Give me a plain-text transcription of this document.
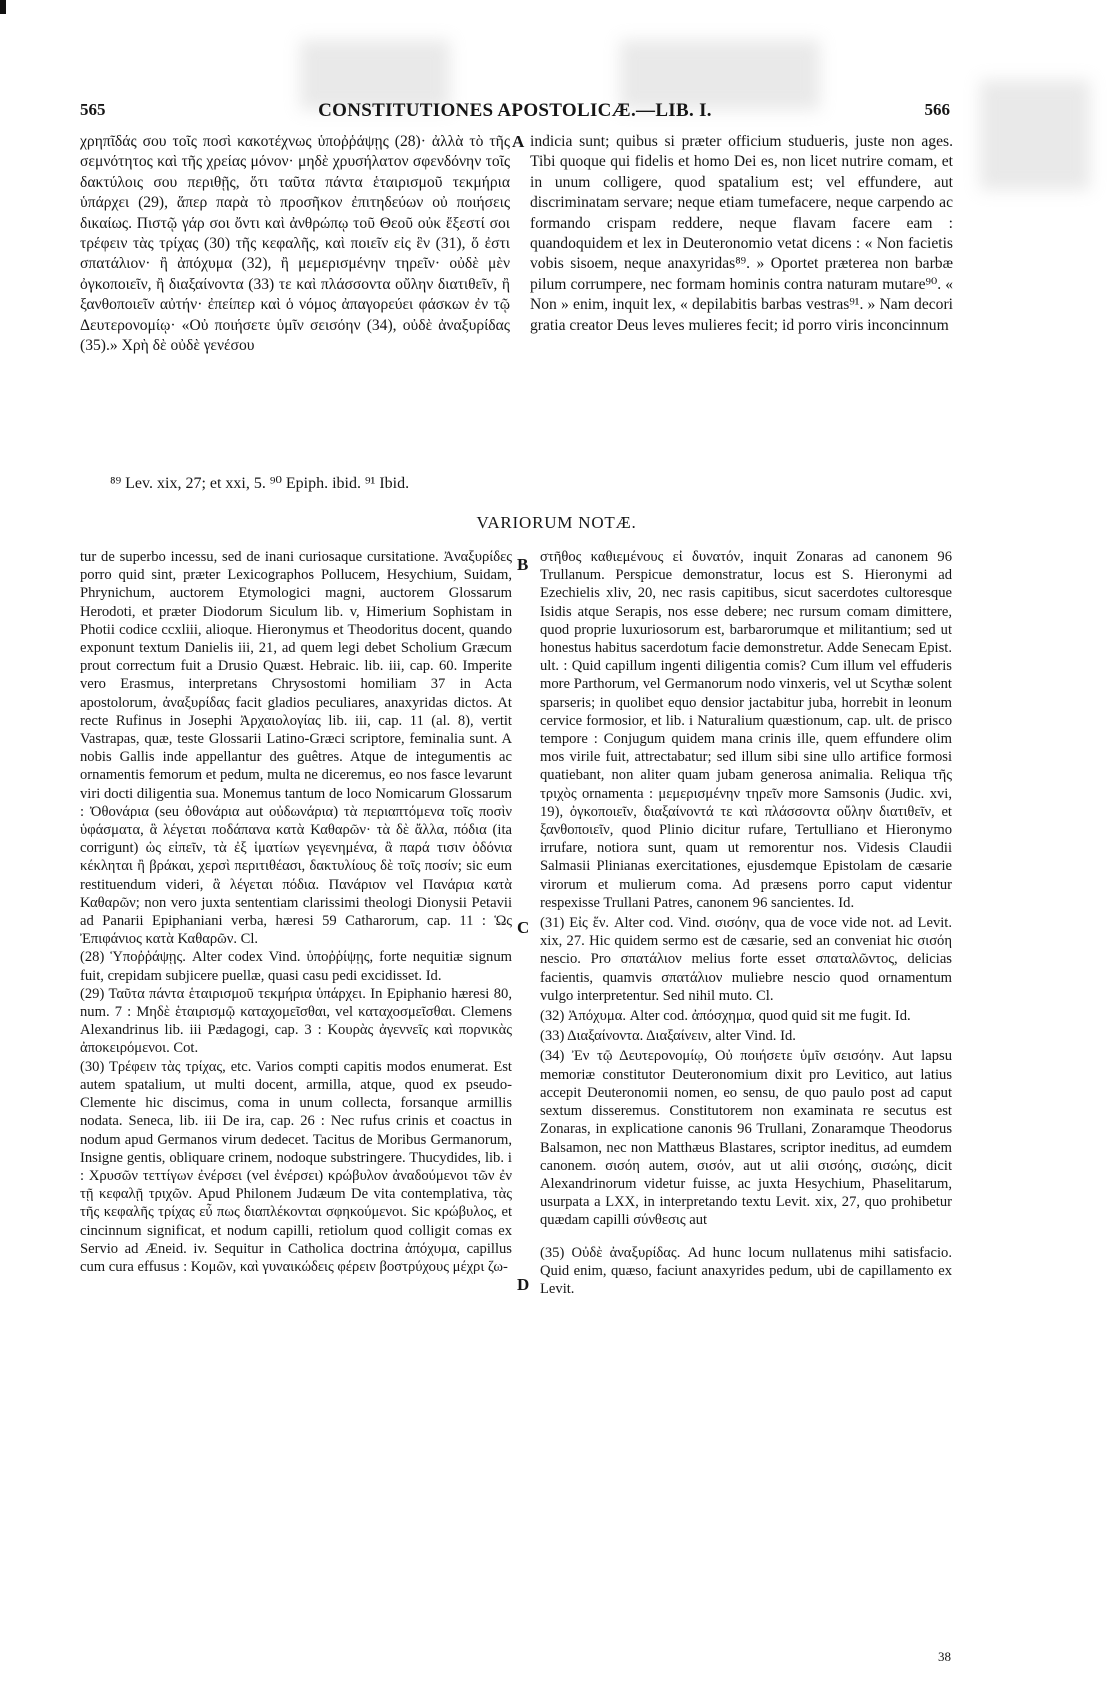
565	CONSTITUTIONES APOSTOLICÆ.—LIB. I.	566

χρηπῖδάς σου τοῖς ποσὶ κακοτέχνως ὑποῤῥάψῃς (28)· ἀλλὰ τὸ τῆς σεμνότητος καὶ τῆς χρείας μόνον· μηδὲ χρυσήλατον σφενδόνην τοῖς δακτύλοις σου περιθῇς, ὅτι ταῦτα πάντα ἑταιρισμοῦ τεκμήρια ὑπάρχει (29), ἅπερ παρὰ τὸ προσῆκον ἐπιτηδεύων οὐ ποιήσεις δικαίως. Πιστῷ γάρ σοι ὄντι καὶ ἀνθρώπῳ τοῦ Θεοῦ οὐκ ἔξεστί σοι τρέφειν τὰς τρίχας (30) τῆς κεφαλῆς, καὶ ποιεῖν εἰς ἓν (31), ὅ ἐστι σπατάλιον· ἢ ἀπόχυμα (32), ἢ μεμερισμένην τηρεῖν· οὐδὲ μὲν ὀγκοποιεῖν, ἢ διαξαίνοντα (33) τε καὶ πλάσσοντα οὔλην διατιθεῖν, ἢ ξανθοποιεῖν αὐτήν· ἐπείπερ καὶ ὁ νόμος ἀπαγορεύει φάσκων ἐν τῷ Δευτερονομίῳ· «Οὐ ποιήσετε ὑμῖν σεισόην (34), οὐδὲ ἀναξυρίδας (35).» Χρὴ δὲ οὐδὲ γενέσου

A indicia sunt; quibus si præter officium studueris, juste non ages. Tibi quoque qui fidelis et homo Dei es, non licet nutrire comam, et in unum colligere, quod spatalium est; vel effundere, aut discriminatam servare; neque etiam tumefacere, neque carpendo ac formando crispam reddere, neque flavam facere eam : quandoquidem et lex in Deuteronomio vetat dicens : « Non facietis vobis sisoem, neque anaxyridas⁸⁹. » Oportet præterea non barbæ pilum corrumpere, nec formam hominis contra naturam mutare⁹⁰. « Non » enim, inquit lex, « depilabitis barbas vestras⁹¹. » Nam decori gratia creator Deus leves mulieres fecit; id porro viris inconcinnum

⁸⁹ Lev. xix, 27; et xxi, 5. ⁹⁰ Epiph. ibid. ⁹¹ Ibid.
VARIORUM NOTÆ.

tur de superbo incessu, sed de inani curiosaque cursitatione. Ἀναξυρίδες porro quid sint, præter Lexicographos Pollucem, Hesychium, Suidam, Phrynichum, auctorem Etymologici magni, auctorem Glossarum Herodoti, et præter Diodorum Siculum lib. v, Himerium Sophistam in Photii codice ccxliii, alioque. Hieronymus et Theodoritus docent, quando exponunt textum Danielis iii, 21, ad quem legi debet Scholium Græcum prout correctum fuit a Drusio Quæst. Hebraic. lib. iii, cap. 60. Imperite vero Erasmus, interpretans Chrysostomi homiliam 37 in Acta apostolorum, ἀναξυρίδας facit gladios peculiares, anaxyridas dictos. At recte Rufinus in Josephi Ἀρχαιολογίας lib. iii, cap. 11 (al. 8), vertit Vastrapas, quæ, teste Glossarii Latino-Græci scriptore, feminalia sunt. A nobis Gallis inde appellantur des guêtres. Atque de integumentis ac ornamentis femorum et pedum, multa ne diceremus, eo nos fasce levarunt viri docti diligentia sua. Monemus tantum de loco Nomicarum Glossarum : Ὀθονάρια (seu ὀθονάρια aut οὐδωνάρια) τὰ περιαπτόμενα τοῖς ποσὶν ὑφάσματα, ἃ λέγεται ποδάπανα κατὰ Καθαρῶν· τὰ δὲ ἄλλα, πόδια (ita corrigunt) ὡς εἰπεῖν, τὰ ἐξ ἱματίων γεγενημένα, ἃ παρά τισιν ὀδόνια κέκληται ἢ βράκαι, χερσὶ περιτιθέασι, δακτυλίους δὲ τοῖς ποσίν; sic eum restituendum videri, ἃ λέγεται πόδια. Πανάριον vel Πανάρια κατὰ Καθαρῶν; non vero juxta sententiam clarissimi theologi Dionysii Petavii ad Panarii Epiphaniani verba, hæresi 59 Catharorum, cap. 11 : Ὡς Ἐπιφάνιος κατὰ Καθαρῶν. Cl.

(28) Ὑποῤῥάψῃς. Alter codex Vind. ὑποῤῥίψῃς, forte nequitiæ signum fuit, crepidam subjicere puellæ, quasi casu pedi excidisset. Id.

(29) Ταῦτα πάντα ἑταιρισμοῦ τεκμήρια ὑπάρχει. In Epiphanio hæresi 80, num. 7 : Μηδὲ ἑταιρισμῷ καταχομεῖσθαι, vel καταχοσμεῖσθαι. Clemens Alexandrinus lib. iii Pædagogi, cap. 3 : Κουρὰς ἀγεννεῖς καὶ πορνικὰς ἀποκειρόμενοι. Cot.

(30) Τρέφειν τὰς τρίχας, etc. Varios compti capitis modos enumerat. Est autem spatalium, ut multi docent, armilla, atque, quod ex pseudo-Clemente hic discimus, coma in unum collecta, forsanque armillis nodata. Seneca, lib. iii De ira, cap. 26 : Nec rufus crinis et coactus in nodum apud Germanos virum dedecet. Tacitus de Moribus Germanorum, Insigne gentis, obliquare crinem, nodoque substringere. Thucydides, lib. i : Χρυσῶν τεττίγων ἐνέρσει (vel ἐνέρσει) κρώβυλον ἀναδούμενοι τῶν ἐν τῇ κεφαλῇ τριχῶν. Apud Philonem Judæum De vita contemplativa, τὰς τῆς κεφαλῆς τρίχας εὖ πως διαπλέκονται σφηκούμενοι. Sic κρώβυλος, et cincinnum significat, et nodum capilli, retiolum quod colligit comas ex Servio ad Æneid. iv. Sequitur in Catholica doctrina ἀπόχυμα, capillus cum cura effusus : Κομῶν, καὶ γυναικώδεις φέρειν βοστρύχους μέχρι ζω-

B
C
D

στῆθος καθιεμένους εἰ δυνατόν, inquit Zonaras ad canonem 96 Trullanum. Perspicue demonstratur, locus est S. Hieronymi ad Ezechielis xliv, 20, nec rasis capitibus, sicut sacerdotes cultoresque Isidis atque Serapis, nos esse debere; nec rursum comam dimittere, quod proprie luxuriosorum est, barbarorumque et militantium; sed ut honestus habitus sacerdotum facie demonstretur. Adde Senecam Epist. ult. : Quid capillum ingenti diligentia comis? Cum illum vel effuderis more Parthorum, vel Germanorum nodo vinxeris, vel ut Scythæ solent sparseris; in quolibet equo densior jactabitur juba, horrebit in leonum cervice formosior, et lib. i Naturalium quæstionum, cap. ult. de prisco tempore : Conjugum quidem mana crinis ille, quem effundere olim mos virile fuit, attrectabatur; sed illum sibi sine ullo artifice formosi quatiebant, non aliter quam jubam generosa animalia. Reliqua τῆς τριχὸς ornamenta : μεμερισμένην τηρεῖν more Samsonis (Judic. xvi, 19), ὀγκοποιεῖν, διαξαίνοντά τε καὶ πλάσσοντα οὔλην διατιθεῖν, et ξανθοποιεῖν, quod Plinio dicitur rufare, Tertulliano et Hieronymo irrufare, notiora sunt, quam ut remorentur nos. Videsis Claudii Salmasii Plinianas exercitationes, ejusdemque Epistolam de cæsarie virorum et mulierum coma. Ad præsens porro caput videntur respexisse Trullani Patres, canonem 96 sancientes. Id.

(31) Εἰς ἕν. Alter cod. Vind. σισόην, qua de voce vide not. ad Levit. xix, 27. Hic quidem sermo est de cæsarie, sed an conveniat hic σισόη nescio. Pro σπατάλιον melius forte esset σπαταλῶντος, delicias facientis, quamvis σπατάλιον muliebre nescio quod ornamentum vulgo interpretentur. Sed nihil muto. Cl.

(32) Ἀπόχυμα. Alter cod. ἀπόσχημα, quod quid sit me fugit. Id.

(33) Διαξαίνοντα. Διαξαίνειν, alter Vind. Id.

(34) Ἐν τῷ Δευτερονομίῳ, Οὐ ποιήσετε ὑμῖν σεισόην. Aut lapsu memoriæ constitutor Deuteronomium dixit pro Levitico, aut latius accepit Deuteronomii nomen, eo sensu, de quo paulo post ad caput sextum disseremus. Constitutorem non examinata re secutus est Zonaras, in explicatione canonis 96 Trullani, Zonaramque Theodorus Balsamon, nec non Matthæus Blastares, scriptor ineditus, ad eumdem canonem. σισόη autem, σισόν, aut ut alii σισόης, σισώης, dicit Alexandrinorum videtur fuisse, ac juxta Hesychium, Phaselitarum, usurpata a LXX, in interpretando textu Levit. xix, 27, quo prohibetur quædam capilli σύνθεσις aut

(35) Οὐδὲ ἀναξυρίδας. Ad hunc locum nullatenus mihi satisfacio. Quid enim, quæso, faciunt anaxyrides pedum, ubi de capillamento ex Levit.

38
